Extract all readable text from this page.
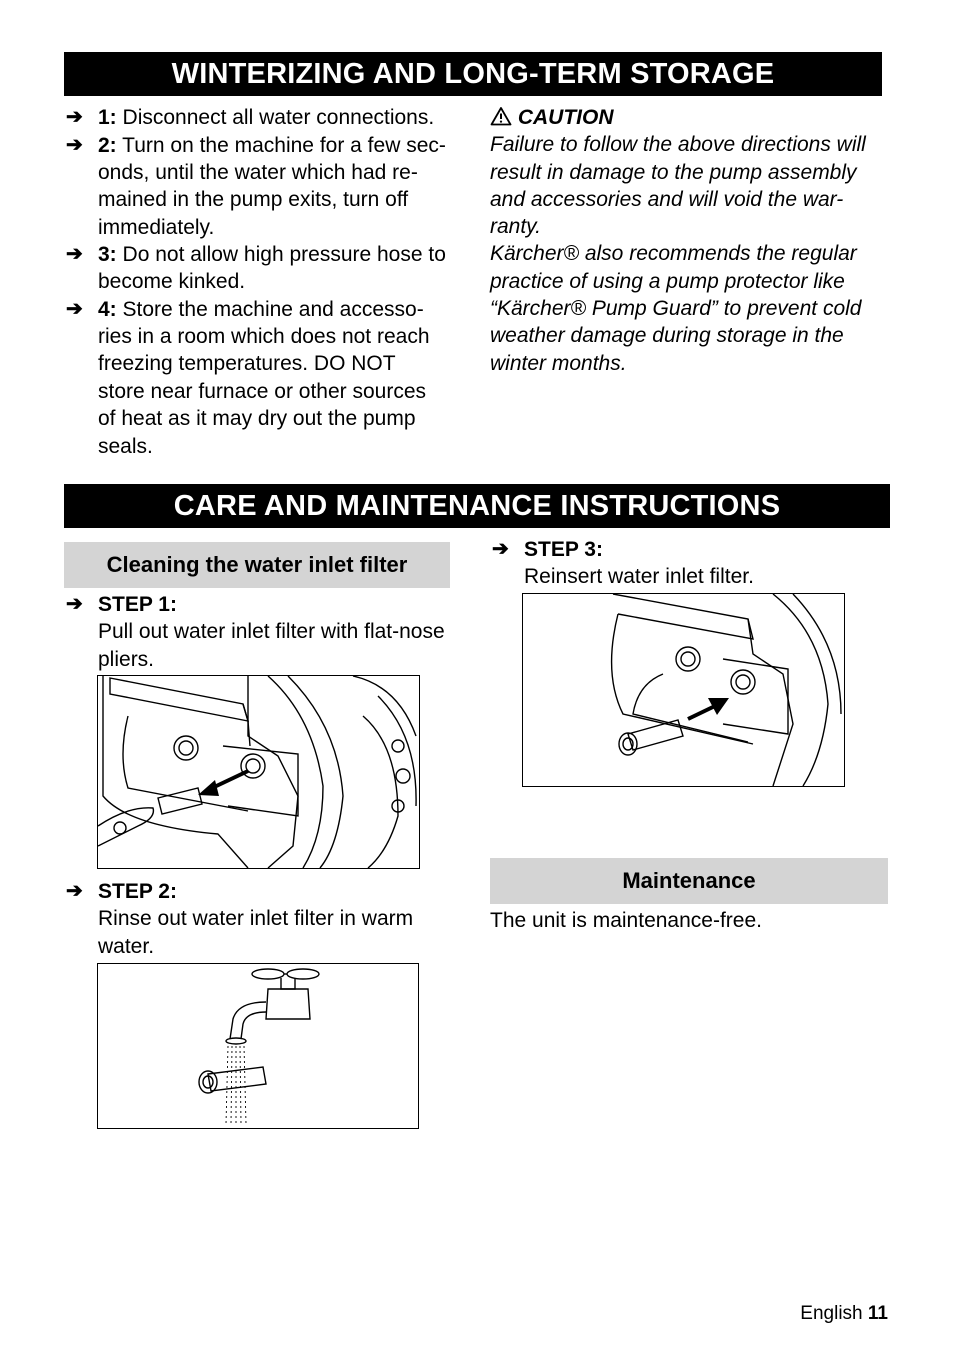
WINTERIZING AND LONG-TERM STORAGE
➔ 1: Disconnect all water connections.
➔ 2: Turn on the machine for a few sec-
onds, until the water which had re-
mained in the pump exits, turn off
immediately.
➔ 3: Do not allow high pressure hose to
become kinked.
➔ 4: Store the machine and accesso-
ries in a room which does not reach
freezing temperatures. DO NOT
store near furnace or other sources
of heat as it may dry out the pump
seals.
CAUTION
Failure to follow the above directions will
result in damage to the pump assembly
and accessories and will void the war-
ranty.
Kärcher® also recommends the regular
practice of using a pump protector like
“Kärcher® Pump Guard” to prevent cold
weather damage during storage in the
winter months.
CARE AND MAINTENANCE INSTRUCTIONS
Cleaning the water inlet filter
➔ STEP 1:
Pull out water inlet filter with flat-nose
pliers.
➔ STEP 2:
Rinse out water inlet filter in warm
water.
➔ STEP 3:
Reinsert water inlet filter.
Maintenance
The unit is maintenance-free.
English 11
